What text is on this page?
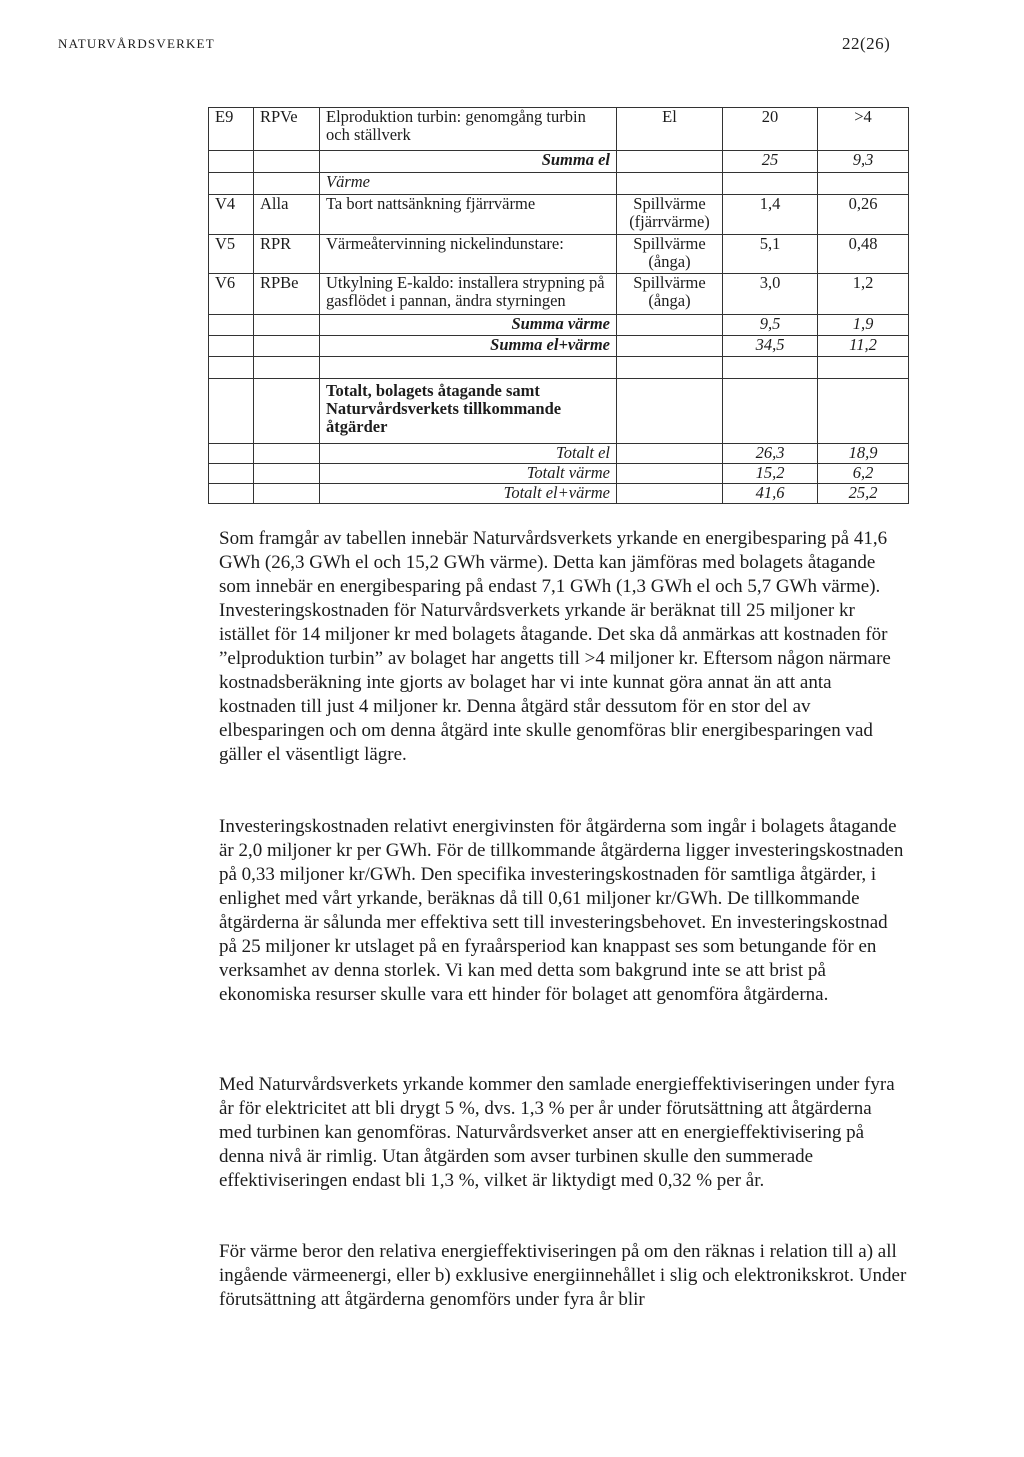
NATURVÅRDSVERKET	22(26)
E9	RPVe	Elproduktion turbin: genomgång turbin och ställverk	El	20	>4
		Summa el		25	9,3
		Värme			
V4	Alla	Ta bort nattsänkning fjärrvärme	Spillvärme (fjärrvärme)	1,4	0,26
V5	RPR	Värmeåtervinning nickelindunstare:	Spillvärme (ånga)	5,1	0,48
V6	RPBe	Utkylning E-kaldo: installera strypning på gasflödet i pannan, ändra styrningen	Spillvärme (ånga)	3,0	1,2
		Summa värme		9,5	1,9
		Summa el+värme		34,5	11,2

		Totalt, bolagets åtagande samt Naturvårdsverkets tillkommande åtgärder			
		Totalt el		26,3	18,9
		Totalt värme		15,2	6,2
		Totalt el+värme		41,6	25,2

Som framgår av tabellen innebär Naturvårdsverkets yrkande en energibesparing på 41,6 GWh (26,3 GWh el och 15,2 GWh värme). Detta kan jämföras med bolagets åtagande som innebär en energibesparing på endast 7,1 GWh (1,3 GWh el och 5,7 GWh värme). Investeringskostnaden för Naturvårdsverkets yrkande är beräknat till 25 miljoner kr istället för 14 miljoner kr med bolagets åtagande. Det ska då anmärkas att kostnaden för ”elproduktion turbin” av bolaget har angetts till >4 miljoner kr. Eftersom någon närmare kostnadsberäkning inte gjorts av bolaget har vi inte kunnat göra annat än att anta kostnaden till just 4 miljoner kr. Denna åtgärd står dessutom för en stor del av elbesparingen och om denna åtgärd inte skulle genomföras blir energibesparingen vad gäller el väsentligt lägre.

Investeringskostnaden relativt energivinsten för åtgärderna som ingår i bolagets åtagande är 2,0 miljoner kr per GWh. För de tillkommande åtgärderna ligger investeringskostnaden på 0,33 miljoner kr/GWh. Den specifika investeringskostnaden för samtliga åtgärder, i enlighet med vårt yrkande, beräknas då till 0,61 miljoner kr/GWh. De tillkommande åtgärderna är sålunda mer effektiva sett till investeringsbehovet. En investeringskostnad på 25 miljoner kr utslaget på en fyraårsperiod kan knappast ses som betungande för en verksamhet av denna storlek. Vi kan med detta som bakgrund inte se att brist på ekonomiska resurser skulle vara ett hinder för bolaget att genomföra åtgärderna.

Med Naturvårdsverkets yrkande kommer den samlade energieffektiviseringen under fyra år för elektricitet att bli drygt 5 %, dvs. 1,3 % per år under förutsättning att åtgärderna med turbinen kan genomföras. Naturvårdsverket anser att en energieffektivisering på denna nivå är rimlig. Utan åtgärden som avser turbinen skulle den summerade effektiviseringen endast bli 1,3 %, vilket är liktydigt med 0,32 % per år.

För värme beror den relativa energieffektiviseringen på om den räknas i relation till a) all ingående värmeenergi, eller b) exklusive energiinnehållet i slig och elektronikskrot. Under förutsättning att åtgärderna genomförs under fyra år blir
